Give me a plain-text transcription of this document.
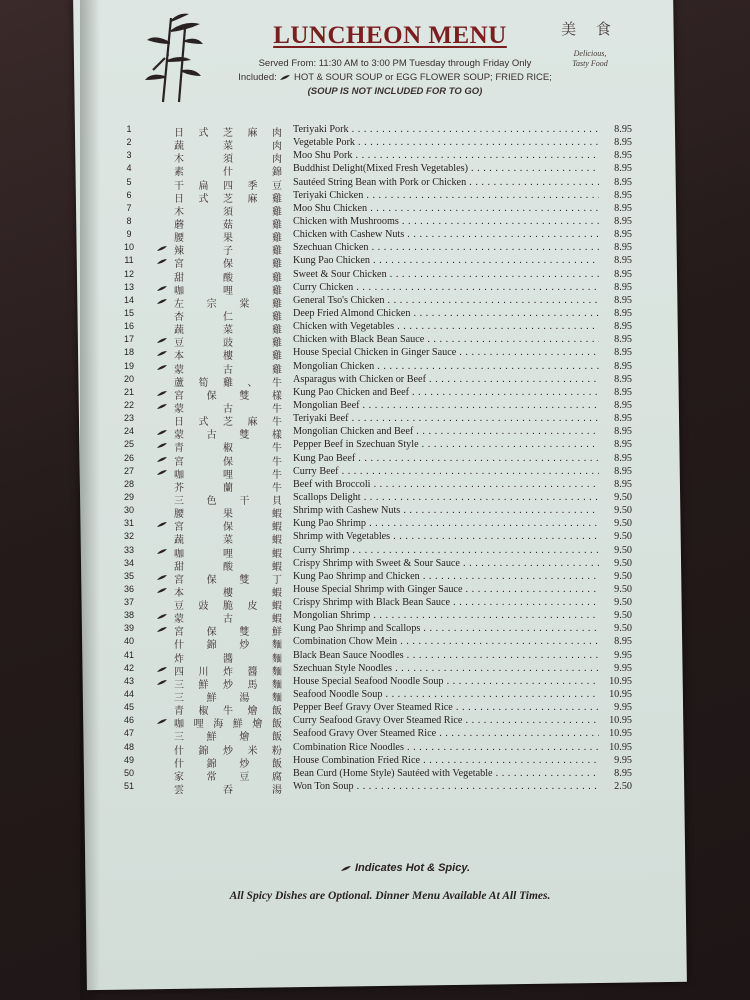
LUNCHEON MENU
Served From: 11:30 AM to 3:00 PM Tuesday through Friday Only
Included: HOT & SOUR SOUP or EGG FLOWER SOUP; FRIED RICE;
(SOUP IS NOT INCLUDED FOR TO GO)
美 食
Delicious,
Tasty Food
1	日 式 芝 麻 肉 Teriyaki Pork . . .	8.95
2	蔬	菜	肉 Vegetable Pork . . .	8.95
3	木	須	肉 Moo Shu Pork . . .	8.95
4	素	什	錦 Buddhist Delight(Mixed Fresh Vegetables) . . .	8.95
5	干 扁 四 季 豆 Sautéed String Bean with Pork or Chicken . . .	8.95
6	日 式 芝 麻 雞 Teriyaki Chicken . . .	8.95
7	木	須	雞 Moo Shu Chicken . . .	8.95
8	蘑	菇	雞 Chicken with Mushrooms . . .	8.95
9	腰	果	雞 Chicken with Cashew Nuts . . .	8.95
10	辣	子	雞 Szechuan Chicken . . .	8.95
11	宮	保	雞 Kung Pao Chicken . . .	8.95
12	甜	酸	雞 Sweet & Sour Chicken . . .	8.95
13	咖	哩	雞 Curry Chicken . . .	8.95
14	左 宗 棠 雞 General Tso's Chicken . . .	8.95
15	杏	仁	雞 Deep Fried Almond Chicken . . .	8.95
16	蔬	菜	雞 Chicken with Vegetables . . .	8.95
17	豆	豉	雞 Chicken with Black Bean Sauce . . .	8.95
18	本	樓	雞 House Special Chicken in Ginger Sauce . . .	8.95
19	蒙	古	雞 Mongolian Chicken . . .	8.95
20	蘆 筍 雞 、 牛 Asparagus with Chicken or Beef . . .	8.95
21	宮 保 雙 樣 Kung Pao Chicken and Beef . . .	8.95
22	蒙	古	牛 Mongolian Beef . . .	8.95
23	日 式 芝 麻 牛 Teriyaki Beef . . .	8.95
24	蒙 古 雙 樣 Mongolian Chicken and Beef . . .	8.95
25	青	椒	牛 Pepper Beef in Szechuan Style . . .	8.95
26	宮	保	牛 Kung Pao Beef . . .	8.95
27	咖	哩	牛 Curry Beef . . .	8.95
28	芥	蘭	牛 Beef with Broccoli . . .	8.95
29	三 色 干 貝 Scallops Delight . . .	9.50
30	腰	果	蝦 Shrimp with Cashew Nuts . . .	9.50
31	宮	保	蝦 Kung Pao Shrimp . . .	9.50
32	蔬	菜	蝦 Shrimp with Vegetables . . .	9.50
33	咖	哩	蝦 Curry Shrimp . . .	9.50
34	甜	酸	蝦 Crispy Shrimp with Sweet & Sour Sauce . . .	9.50
35	宮 保 雙 丁 Kung Pao Shrimp and Chicken . . .	9.50
36	本	樓	蝦 House Special Shrimp with Ginger Sauce . . .	9.50
37	豆 豉 脆 皮 蝦 Crispy Shrimp with Black Bean Sauce . . .	9.50
38	蒙	古	蝦 Mongolian Shrimp . . .	9.50
39	宮 保 雙 鮮 Kung Pao Shrimp and Scallops . . .	9.50
40	什 錦 炒 麵 Combination Chow Mein . . .	8.95
41	炸	醬	麵 Black Bean Sauce Noodles . . .	9.95
42	四 川 炸 醬 麵 Szechuan Style Noodles . . .	9.95
43	三 鮮 炒 馬 麵 House Special Seafood Noodle Soup . . .	10.95
44	三 鮮 湯 麵 Seafood Noodle Soup . . .	10.95
45	青 椒 牛 燴 飯 Pepper Beef Gravy Over Steamed Rice . . .	9.95
46	咖 哩 海 鮮 燴 飯 Curry Seafood Gravy Over Steamed Rice . . .	10.95
47	三 鮮 燴 飯 Seafood Gravy Over Steamed Rice . . .	10.95
48	什 錦 炒 米 粉 Combination Rice Noodles . . .	10.95
49	什 錦 炒 飯 House Combination Fried Rice . . .	9.95
50	家 常 豆 腐 Bean Curd (Home Style) Sautéed with Vegetable . . .	8.95
51	雲	吞	湯 Won Ton Soup . . .	2.50
Indicates Hot & Spicy.
All Spicy Dishes are Optional. Dinner Menu Available At All Times.
